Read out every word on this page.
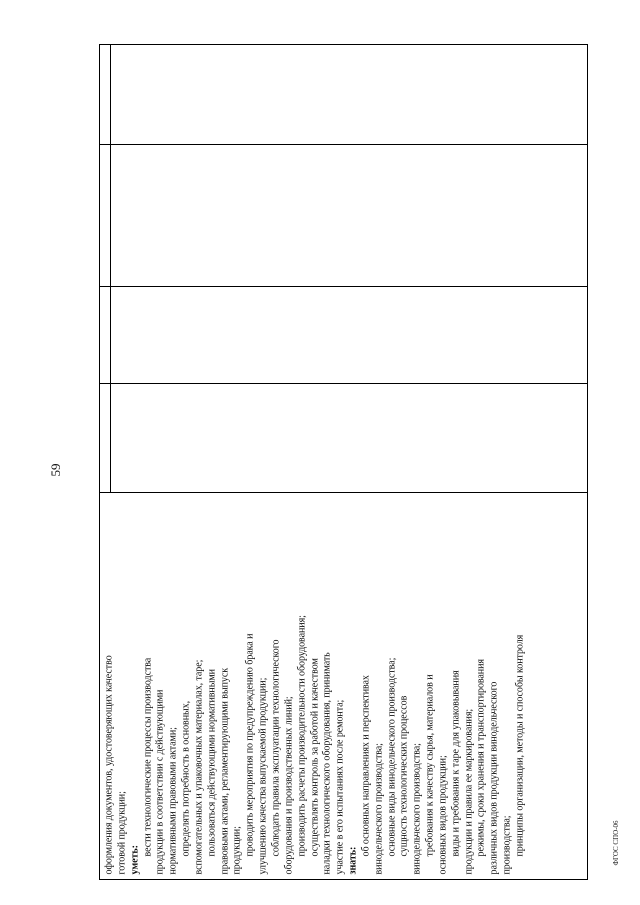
59

оформления документов, удостоверяющих качество готовой продукции; уметь:

вести технологические процессы производства продукции в соответствии с действующими нормативными правовыми актами; определять потребность в основных, вспомогательных и упаковочных материалах, таре; пользоваться действующими нормативными правовыми актами, регламентирующими выпуск продукции; проводить мероприятия по предупреждению брака и улучшению качества выпускаемой продукции; соблюдать правила эксплуатации технологического оборудования и производственных линий; производить расчеты производительности оборудования; осуществлять контроль за работой и качеством наладки технологического оборудования, принимать участие в его испытаниях после ремонта; знать:

об основных направлениях и перспективах винодельческого производства; основные виды винодельческого производства; сущность технологических процессов винодельческого производства; требования к качеству сырья, материалов и основных видов продукции; виды и требования к таре для упаковывания продукции и правила ее маркирования; режимы, сроки хранения и транспортирования различных видов продукции винодельческого производства; принципы организации, методы и способы контроля	ФГОС СПО-06
